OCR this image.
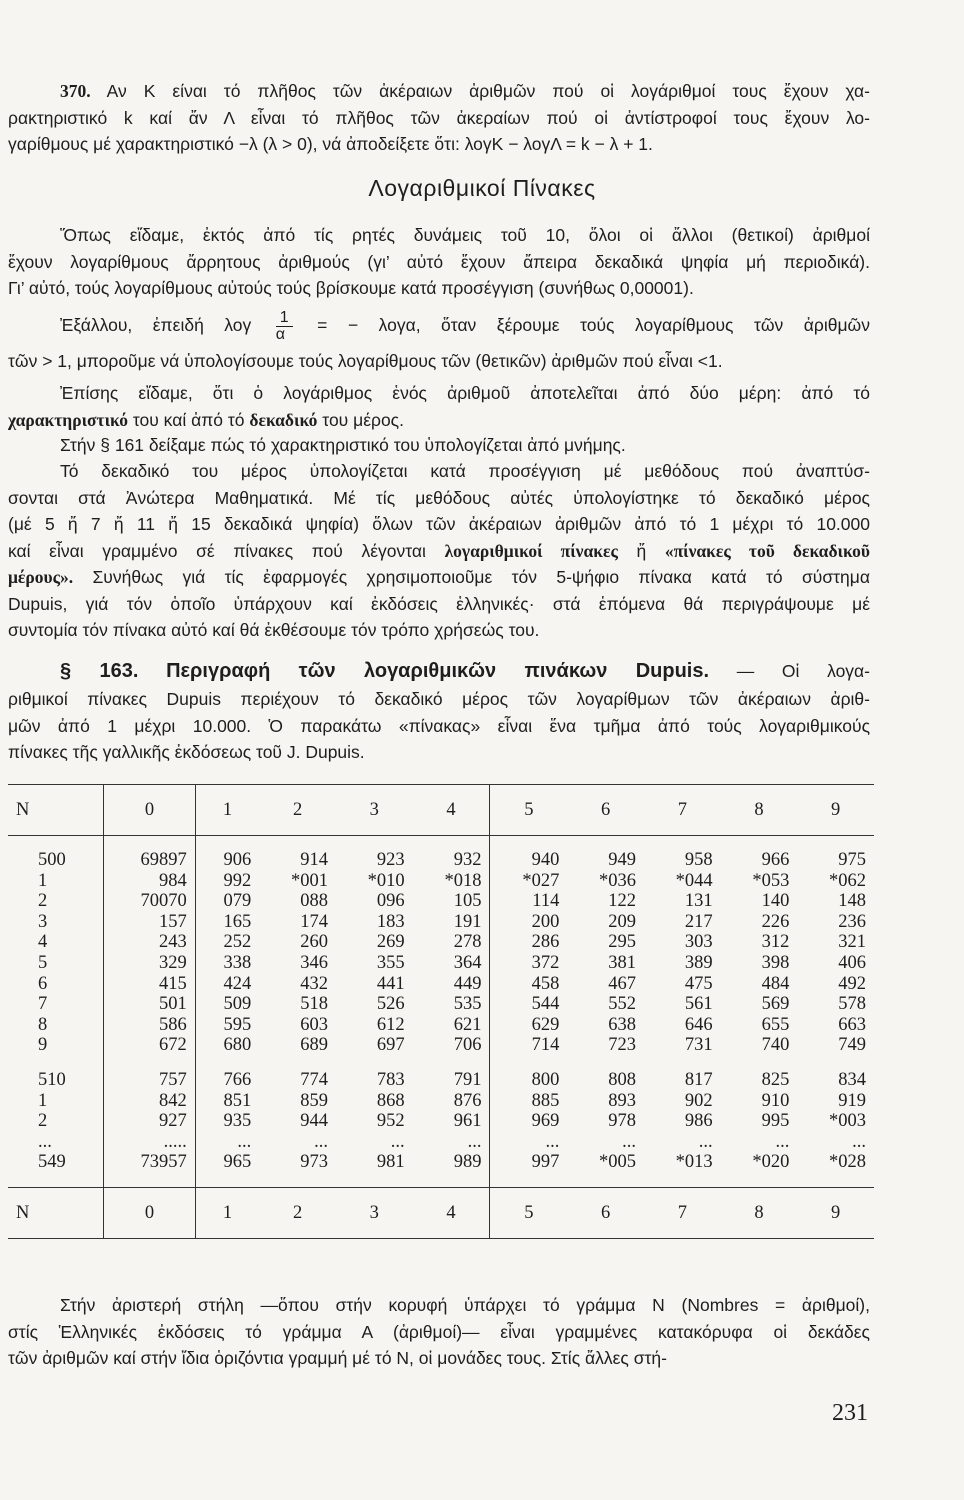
370. Αν Κ είναι τό πλῆθος τῶν ἀκέραιων ἀριθμῶν πού οἱ λογάριθμοί τους ἔχουν χα-
ρακτηριστικό k καί ἄν Λ εἶναι τό πλῆθος τῶν ἀκεραίων πού οἱ ἀντίστροφοί τους ἔχουν λο-
γαρίθμους μέ χαρακτηριστικό −λ (λ > 0), νά ἀποδείξετε ὅτι: λογΚ − λογΛ = k − λ + 1.
Λογαριθμικοί Πίνακες
Ὅπως εἴδαμε, ἐκτός ἀπό τίς ρητές δυνάμεις τοῦ 10, ὅλοι οἱ ἄλλοι (θετικοί) ἀριθμοί
ἔχουν λογαρίθμους ἄρρητους ἀριθμούς (γι’ αὐτό ἔχουν ἄπειρα δεκαδικά ψηφία μή περιοδικά).
Γι’ αὐτό, τούς λογαρίθμους αὐτούς τούς βρίσκουμε κατά προσέγγιση (συνήθως 0,00001).
Ἐξάλλου, ἐπειδή λογ $\frac{1}{\alpha}$ = − λογα, ὅταν ξέρουμε τούς λογαρίθμους τῶν ἀριθμῶν
τῶν > 1, μποροῦμε νά ὑπολογίσουμε τούς λογαρίθμους τῶν (θετικῶν) ἀριθμῶν πού εἶναι <1.
Ἐπίσης εἴδαμε, ὅτι ὁ λογάριθμος ἑνός ἀριθμοῦ ἀποτελεῖται ἀπό δύο μέρη: ἀπό τό
χαρακτηριστικό του καί ἀπό τό δεκαδικό του μέρος.
Στήν § 161 δείξαμε πώς τό χαρακτηριστικό του ὑπολογίζεται ἀπό μνήμης.
Τό δεκαδικό του μέρος ὑπολογίζεται κατά προσέγγιση μέ μεθόδους πού ἀναπτύσ-
σονται στά Ἀνώτερα Μαθηματικά. Μέ τίς μεθόδους αὐτές ὑπολογίστηκε τό δεκαδικό μέρος
(μέ 5 ἤ 7 ἤ 11 ἤ 15 δεκαδικά ψηφία) ὅλων τῶν ἀκέραιων ἀριθμῶν ἀπό τό 1 μέχρι τό 10.000
καί εἶναι γραμμένο σέ πίνακες πού λέγονται λογαριθμικοί πίνακες ἤ «πίνακες τοῦ δεκαδικοῦ
μέρους». Συνήθως γιά τίς ἐφαρμογές χρησιμοποιοῦμε τόν 5-ψήφιο πίνακα κατά τό σύστημα
Dupuis, γιά τόν ὁποῖο ὑπάρχουν καί ἐκδόσεις ἑλληνικές· στά ἑπόμενα θά περιγράψουμε μέ
συντομία τόν πίνακα αὐτό καί θά ἐκθέσουμε τόν τρόπο χρήσεώς του.
§ 163. Περιγραφή τῶν λογαριθμικῶν πινάκων Dupuis. — Οἱ λογα-
ριθμικοί πίνακες Dupuis περιέχουν τό δεκαδικό μέρος τῶν λογαρίθμων τῶν ἀκέραιων ἀριθ-
μῶν ἀπό 1 μέχρι 10.000. Ὁ παρακάτω «πίνακας» εἶναι ἕνα τμῆμα ἀπό τούς λογαριθμικούς
πίνακες τῆς γαλλικῆς ἐκδόσεως τοῦ J. Dupuis.
N	0	1	2	3	4	5	6	7	8	9
500	69897	906	914	923	932	940	949	958	966	975
1	984	992	*001	*010	*018	*027	*036	*044	*053	*062
2	70070	079	088	096	105	114	122	131	140	148
3	157	165	174	183	191	200	209	217	226	236
4	243	252	260	269	278	286	295	303	312	321
5	329	338	346	355	364	372	381	389	398	406
6	415	424	432	441	449	458	467	475	484	492
7	501	509	518	526	535	544	552	561	569	578
8	586	595	603	612	621	629	638	646	655	663
9	672	680	689	697	706	714	723	731	740	749

510	757	766	774	783	791	800	808	817	825	834
1	842	851	859	868	876	885	893	902	910	919
2	927	935	944	952	961	969	978	986	995	*003
...	.....	...	...	...	...	...	...	...	...	...
549	73957	965	973	981	989	997	*005	*013	*020	*028
N	0	1	2	3	4	5	6	7	8	9
Στήν ἀριστερή στήλη —ὅπου στήν κορυφή ὑπάρχει τό γράμμα N (Nombres = ἀριθμοί),
στίς Ἑλληνικές ἐκδόσεις τό γράμμα Α (ἀριθμοί)— εἶναι γραμμένες κατακόρυφα οἱ δεκάδες
τῶν ἀριθμῶν καί στήν ἴδια ὁριζόντια γραμμή μέ τό N, οἱ μονάδες τους. Στίς ἄλλες στή-
231
